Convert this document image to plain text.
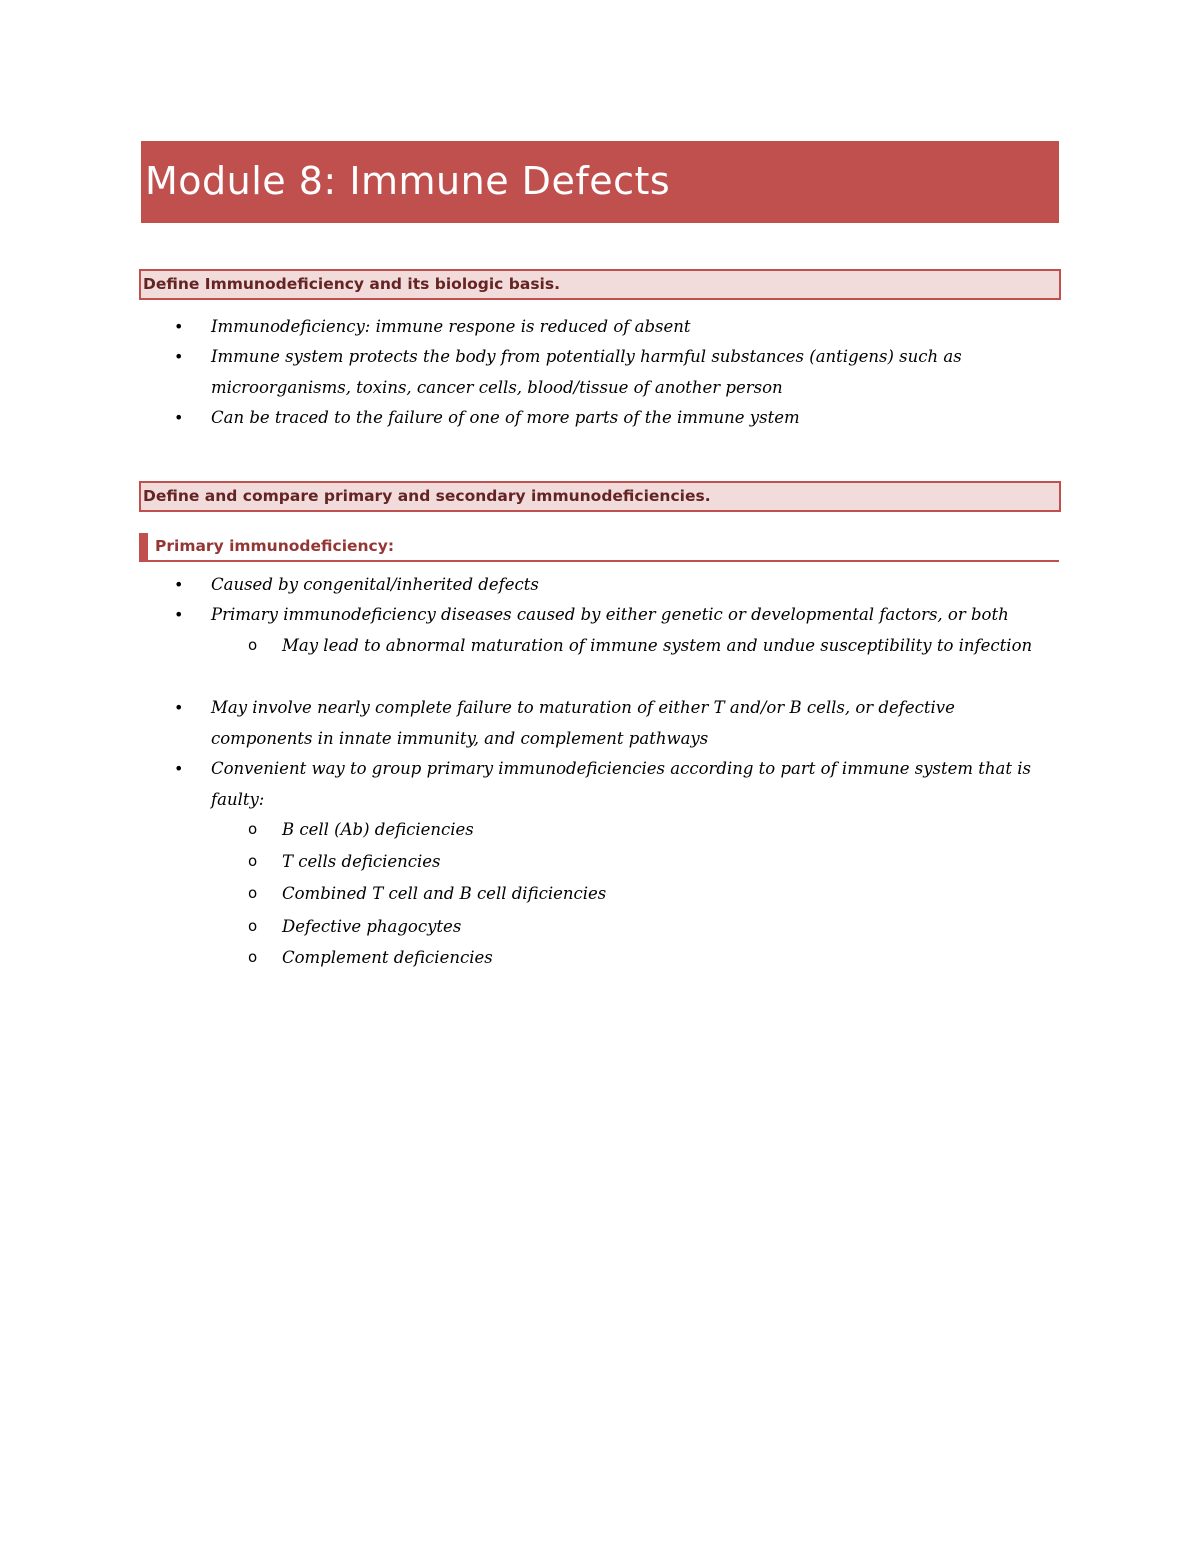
Module 8: Immune Defects
Define Immunodeficiency and its biologic basis.
• Immunodeficiency: immune respone is reduced of absent
• Immune system protects the body from potentially harmful substances (antigens) such as microorganisms, toxins, cancer cells, blood/tissue of another person
• Can be traced to the failure of one of more parts of the immune ystem
Define and compare primary and secondary immunodeficiencies.
Primary immunodeficiency:
• Caused by congenital/inherited defects
• Primary immunodeficiency diseases caused by either genetic or developmental factors, or both
o May lead to abnormal maturation of immune system and undue susceptibility to infection
• May involve nearly complete failure to maturation of either T and/or B cells, or defective components in innate immunity, and complement pathways
• Convenient way to group primary immunodeficiencies according to part of immune system that is faulty:
o B cell (Ab) deficiencies
o T cells deficiencies
o Combined T cell and B cell dificiencies
o Defective phagocytes
o Complement deficiencies
